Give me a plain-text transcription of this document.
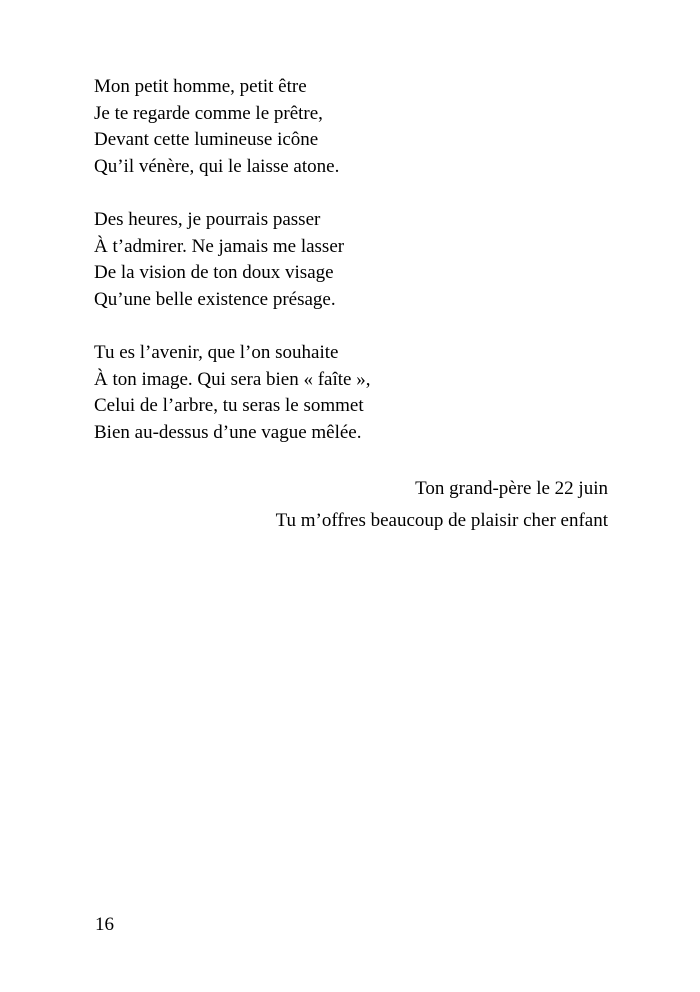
Mon petit homme, petit être
Je te regarde comme le prêtre,
Devant cette lumineuse icône
Qu’il vénère, qui le laisse atone.
Des heures, je pourrais passer
À t’admirer. Ne jamais me lasser
De la vision de ton doux visage
Qu’une belle existence présage.
Tu es l’avenir, que l’on souhaite
À ton image. Qui sera bien « faîte »,
Celui de l’arbre, tu seras le sommet
Bien au-dessus d’une vague mêlée.
Ton grand-père le 22 juin
Tu m’offres beaucoup de plaisir cher enfant
16
